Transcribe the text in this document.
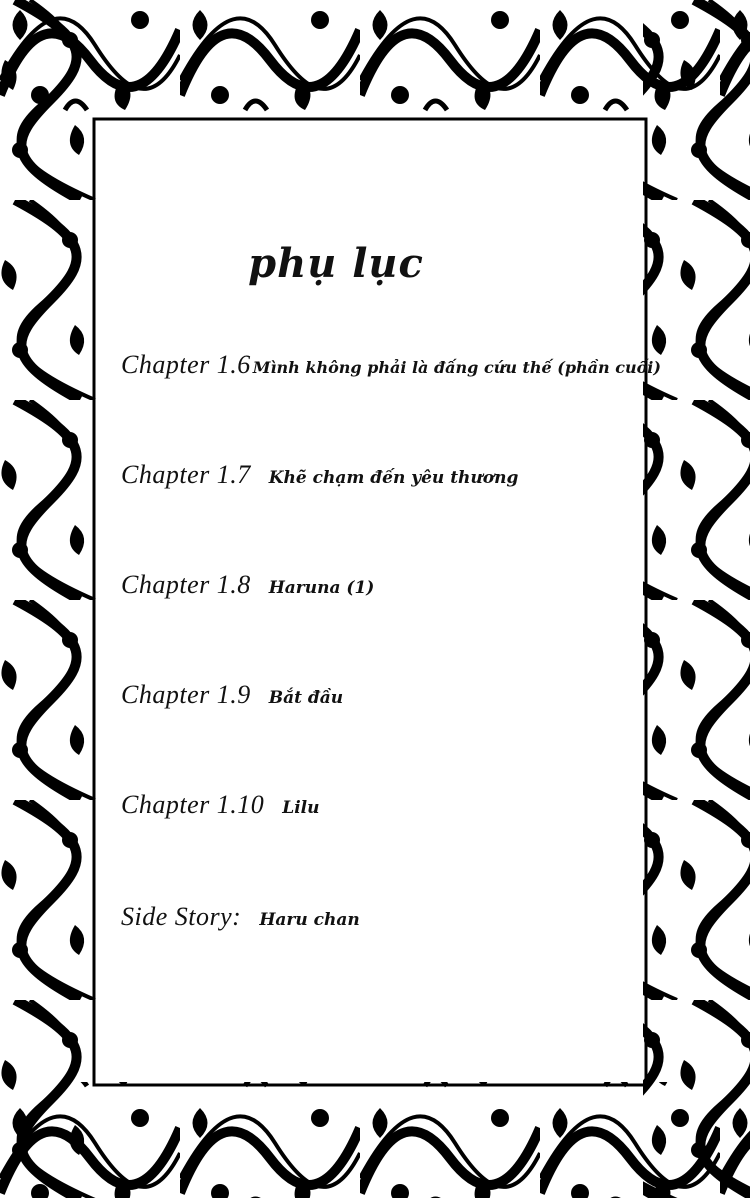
phụ lục
Chapter 1.6 Mình không phải là đấng cứu thế (phần cuối)
Chapter 1.7 Khẽ chạm đến yêu thương
Chapter 1.8 Haruna (1)
Chapter 1.9 Bắt đầu
Chapter 1.10 Lilu
Side Story: Haru chan
